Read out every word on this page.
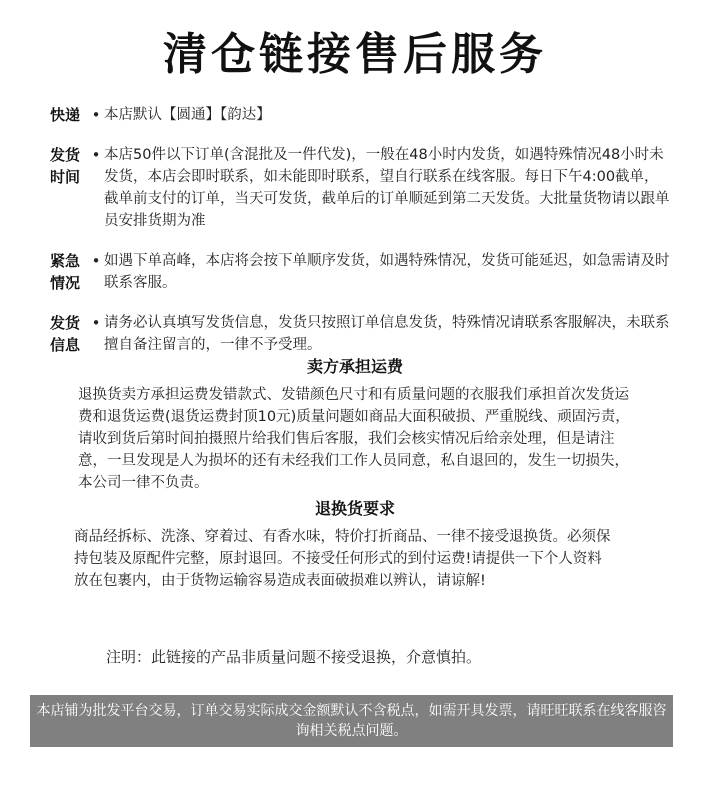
清仓链接售后服务
快递 • 本店默认【圆通】【韵达】
发货时间
• 本店50件以下订单(含混批及一件代发)，一般在48小时内发货，如遇特殊情况48小时未发货，本店会即时联系，如未能即时联系，望自行联系在线客服。每日下午4:00截单，截单前支付的订单，当天可发货，截单后的订单顺延到第二天发货。大批量货物请以跟单员安排货期为准
紧急情况
• 如遇下单高峰，本店将会按下单顺序发货，如遇特殊情况，发货可能延迟，如急需请及时联系客服。
发货信息
• 请务必认真填写发货信息，发货只按照订单信息发货，特殊情况请联系客服解决，未联系擅自备注留言的，一律不予受理。
卖方承担运费
退换货卖方承担运费发错款式、发错颜色尺寸和有质量问题的衣服我们承担首次发货运费和退货运费(退货运费封顶10元)质量问题如商品大面积破损、严重脱线、顽固污责，请收到货后第时间拍摄照片给我们售后客服，我们会核实情况后给亲处理，但是请注意，一旦发现是人为损坏的还有未经我们工作人员同意，私自退回的，发生一切损失，本公司一律不负责。
退换货要求
商品经拆标、洗涤、穿着过、有香水味，特价打折商品、一律不接受退换货。必须保持包装及原配件完整，原封退回。不接受任何形式的到付运费!请提供一下个人资料放在包裹内，由于货物运输容易造成表面破损难以辨认，请谅解!
注明：此链接的产品非质量问题不接受退换，介意慎拍。
本店铺为批发平台交易，订单交易实际成交金额默认不含税点，如需开具发票，请旺旺联系在线客服咨询相关税点问题。
